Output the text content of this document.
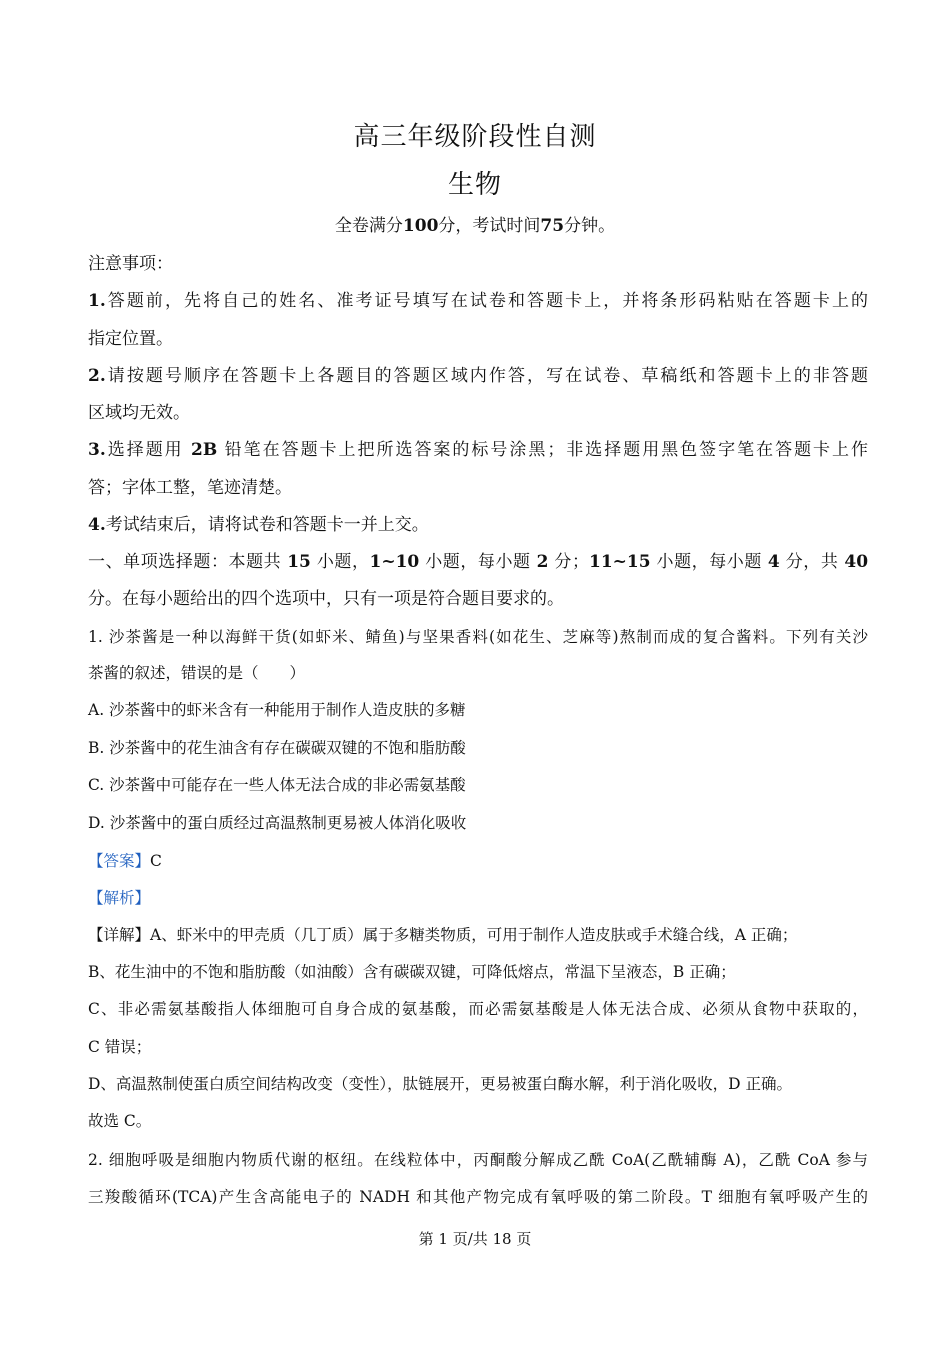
高三年级阶段性自测
生物
全卷满分100分，考试时间75分钟。
注意事项：
1.答题前，先将自己的姓名、准考证号填写在试卷和答题卡上，并将条形码粘贴在答题卡上的
指定位置。
2.请按题号顺序在答题卡上各题目的答题区域内作答，写在试卷、草稿纸和答题卡上的非答题
区域均无效。
3.选择题用 2B 铅笔在答题卡上把所选答案的标号涂黑；非选择题用黑色签字笔在答题卡上作
答；字体工整，笔迹清楚。
4.考试结束后，请将试卷和答题卡一并上交。
一、单项选择题：本题共 15 小题，1~10 小题，每小题 2 分；11~15 小题，每小题 4 分，共 40
分。在每小题给出的四个选项中，只有一项是符合题目要求的。
1. 沙茶酱是一种以海鲜干货(如虾米、鲭鱼)与坚果香料(如花生、芝麻等)熬制而成的复合酱料。下列有关沙
茶酱的叙述，错误的是（　　）
A. 沙茶酱中的虾米含有一种能用于制作人造皮肤的多糖
B. 沙茶酱中的花生油含有存在碳碳双键的不饱和脂肪酸
C. 沙茶酱中可能存在一些人体无法合成的非必需氨基酸
D. 沙茶酱中的蛋白质经过高温熬制更易被人体消化吸收
【答案】C
【解析】
【详解】A、虾米中的甲壳质（几丁质）属于多糖类物质，可用于制作人造皮肤或手术缝合线，A 正确；
B、花生油中的不饱和脂肪酸（如油酸）含有碳碳双键，可降低熔点，常温下呈液态，B 正确；
C、非必需氨基酸指人体细胞可自身合成的氨基酸，而必需氨基酸是人体无法合成、必须从食物中获取的，
C 错误；
D、高温熬制使蛋白质空间结构改变（变性），肽链展开，更易被蛋白酶水解，利于消化吸收，D 正确。
故选 C。
2. 细胞呼吸是细胞内物质代谢的枢纽。在线粒体中，丙酮酸分解成乙酰 CoA(乙酰辅酶 A)，乙酰 CoA 参与
三羧酸循环(TCA)产生含高能电子的 NADH 和其他产物完成有氧呼吸的第二阶段。T 细胞有氧呼吸产生的
第 1 页/共 18 页
